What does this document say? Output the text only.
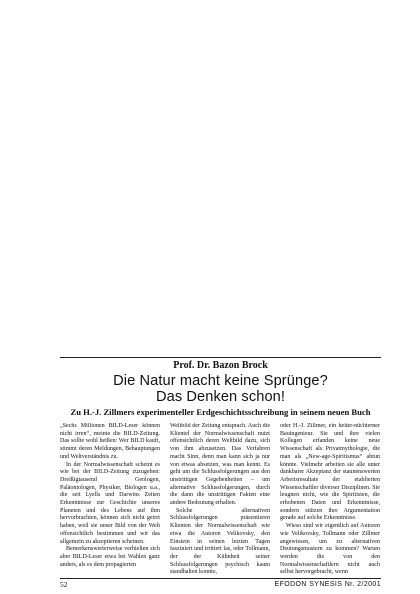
Prof. Dr. Bazon Brock
Die Natur macht keine Sprünge?
Das Denken schon!
Zu H.-J. Zillmers experimenteller Erdgeschichtsschreibung in seinem neuen Buch

„Sechs Millionen BILD-Leser können nicht irren“, meinte die BILD-Zeitung. Das sollte wohl heißen: Wer BILD kauft, stimmt deren Meldungen, Behauptungen und Weltverständnis zu.

In der Normalwissenschaft scheint es wie bei der BILD-Zeitung zuzugehen: Dreißigtausend Geologen, Paläontologen, Physiker, Biologen u.a., die seit Lyells und Darwins Zeiten Erkenntnisse zur Geschichte unseres Planeten und des Lebens auf ihm hervorbrachten, können sich nicht geirrt haben, weil sie unser Bild von der Welt offensichtlich bestimmen und wir das allgemein zu akzeptieren scheinen.

Bemerkenswerterweise verhielten sich aber BILD-Leser etwa bei Wahlen ganz anders, als es dem propagierten

Weltbild der Zeitung entsprach. Auch die Klientel der Normalwissenschaft nutzt offensichtlich deren Weltbild dazu, sich von ihm abzusetzen. Das Verfahren macht Sinn, denn man kann sich ja nur von etwas absetzen, was man kennt. Es geht um die Schlussfolgerungen aus den unstrittigen Gegebenheiten – um alternative Schlussfolgerungen, durch die dann die unstrittigen Fakten eine andere Bedeutung erhalten.

Solche alternativen Schlussfolgerungen präsentieren Klienten der Normalwissenschaft wie etwa die Autoren Velikovsky, den Einstein in seinen letzten Tagen fasziniert und irritiert las, oder Tollmann, der der Kühnheit seiner Schlussfolgerungen psychisch kaum standhalten konnte,

oder H.-J. Zillmer, ein heiter-nüchterner Bauingenieur. Sie und ihre vielen Kollegen erfanden keine neue Wissenschaft als Privatmythologie, die man als „New-age-Spiritismus“ abtun könnte. Vielmehr arbeiten sie alle unter dankbarer Akzeptanz der staunenswerten Arbeitsresultate der etablierten Wissenschaftler diverser Disziplinen. Sie leugnen nicht, wie die Spiritisten, die erhobenen Daten und Erkenntnisse, sondern stützen ihre Argumentation gerade auf solche Erkenntnisse.

Wieso sind wir eigentlich auf Autoren wie Velikovsky, Tollmann oder Zillmer angewiesen, um zu alternativen Deutungsmustern zu kommen? Warum werden die von den Normalwissenschaftlern nicht auch selbst hervorgebracht, wenn

52	EFODON SYNESIS Nr. 2/2001
